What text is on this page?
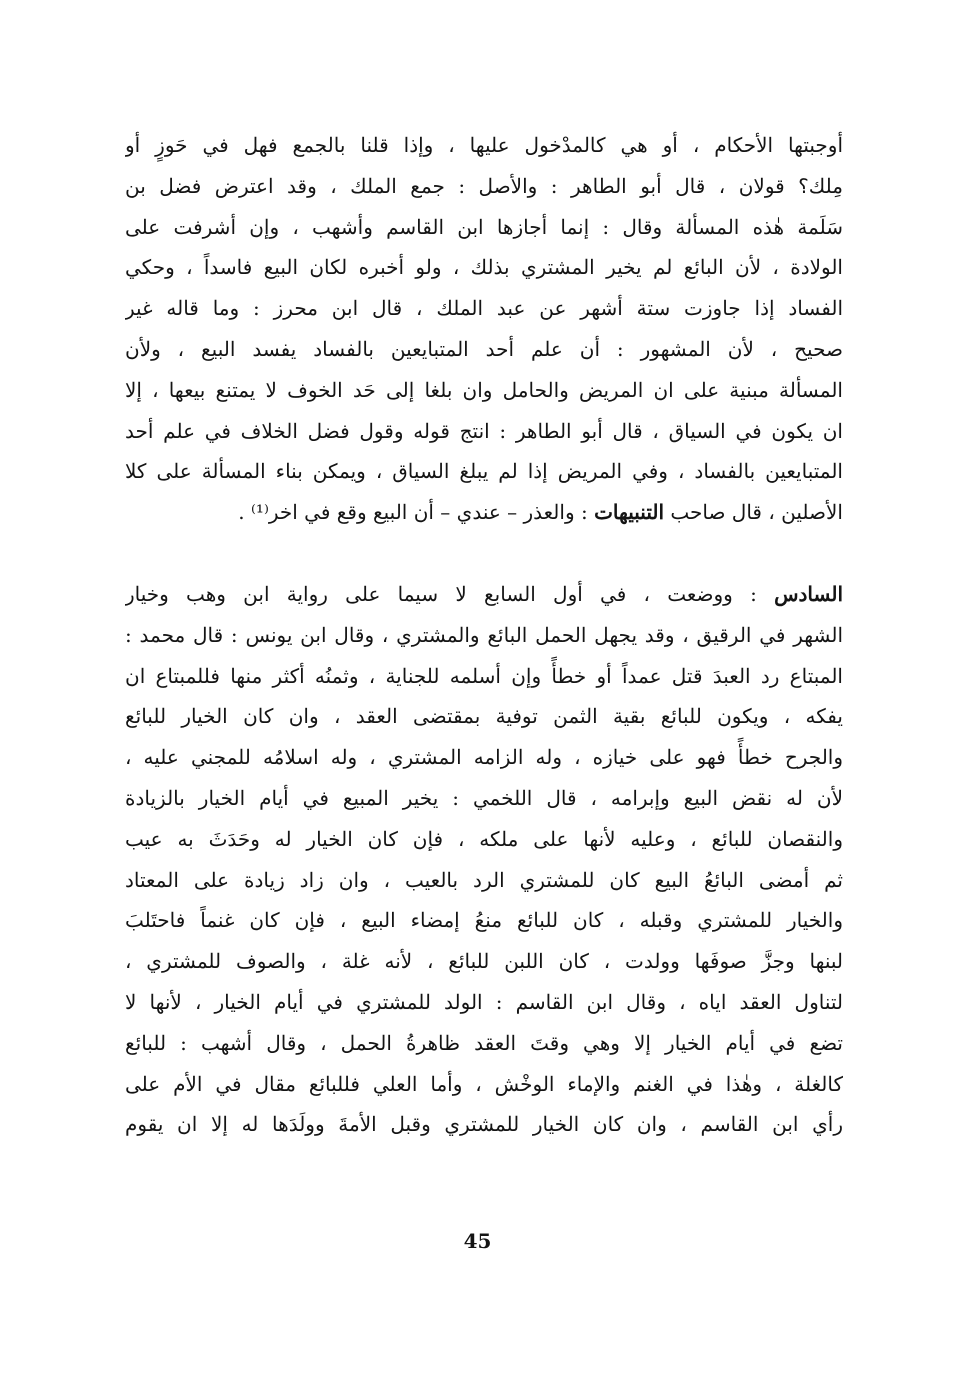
أوجبتها الأحكام ، أو هي كالمدْخول عليها ، وإذا قلنا بالجمع فهل في حَوزٍ أو
مِلك؟ قولان ، قال أبو الطاهر : والأصل : جمع الملك ، وقد اعترض فضل بن
سَلَمة هٰذه المسألة وقال : إنما أجازها ابن القاسم وأشهب ، وإن أشرفت على
الولادة ، لأن البائع لم يخير المشتري بذلك ، ولو أخبره لكان البيع فاسداً ، وحكي
الفساد إذا جاوزت ستة أشهر عن عبد الملك ، قال ابن محرز : وما قاله غير
صحيح ، لأن المشهور : أن علم أحد المتبايعين بالفساد يفسد البيع ، ولأن
المسألة مبنية على ان المريض والحامل وان بلغا إلى حَد الخوف لا يمتنع بيعها ، إلا
ان يكون في السياق ، قال أبو الطاهر : انتج قوله وقول فضل الخلاف في علم أحد
المتبايعين بالفساد ، وفي المريض إذا لم يبلغ السياق ، ويمكن بناء المسألة على كلا
الأصلين ، قال صاحب التنبيهات : والعذر – عندي – أن البيع وقع في اخر⁽¹⁾ .
السادس : ووضعت ، في أول السابع لا سيما على رواية ابن وهب وخيار
الشهر في الرقيق ، وقد يجهل الحمل البائع والمشتري ، وقال ابن يونس : قال محمد :
المبتاع رد العبدَ قتل عمداً أو خطأً وإن أسلمه للجناية ، وثمنُه أكثر منها فللمبتاع ان
يفكه ، ويكون للبائع بقية الثمن توفية بمقتضى العقد ، وان كان الخيار للبائع
والجرح خطأً فهو على خيازه ، وله الزامه المشتري ، وله اسلامُه للمجني عليه ،
لأن له نقض البيع وإبرامه ، قال اللخمي : يخير المبيع في أيام الخيار بالزيادة
والنقصان للبائع ، وعليه لأنها على ملكه ، فإن كان الخيار له وحَدَثَ به عيب
ثم أمضى البائعُ البيع كان للمشتري الرد بالعيب ، وان زاد زيادة على المعتاد
والخيار للمشتري وقبله ، كان للبائع منعُ إمضاء البيع ، فإن كان غنماً فاحتَلبَ
لبنها وجزَّ صوفَها وولدت ، كان اللبن للبائع ، لأنه غلة ، والصوف للمشتري ،
لتناول العقد اياه ، وقال ابن القاسم : الولد للمشتري في أيام الخيار ، لأنها لا
تضع في أيام الخيار إلا وهي وقتَ العقد ظاهرةُ الحمل ، وقال أشهب : للبائع
كالغلة ، وهٰذا في الغنم والإماء الوخْش ، وأما العلي فللبائع مقال في الأم على
رأي ابن القاسم ، وان كان الخيار للمشتري وقبل الأمةَ وولَدَها له إلا ان يقوم
45
